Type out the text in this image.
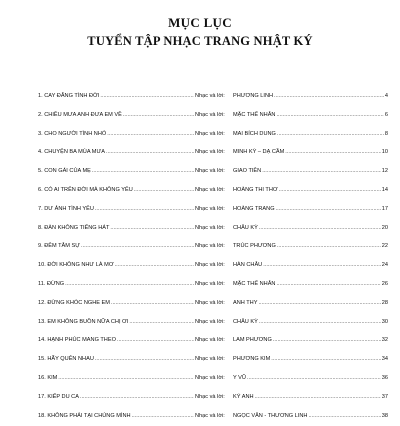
MỤC LỤC
TUYỂN TẬP NHẠC TRANG NHẬT KÝ
1. CAY ĐẮNG TÌNH ĐỜI .....	Nhạc và lời: PHƯƠNG LINH .....	4
2. CHIỀU MƯA ANH ĐƯA EM VỀ .....	Nhạc và lời: MẶC THẾ NHÂN .....	6
3. CHO NGƯỜI TÌNH NHỎ .....	Nhạc và lời: MAI BÍCH DUNG .....	8
4. CHUYỆN BA MÙA MƯA .....	Nhạc và lời: MINH KỲ – DẠ CẦM .....	10
5. CON GÁI CỦA MẸ .....	Nhạc và lời: GIAO TIÊN .....	12
6. CÓ AI TRÊN ĐỜI MÀ KHÔNG YÊU .....	Nhạc và lời: HOÀNG THI THƠ .....	14
7. DƯ ẢNH TÌNH YÊU .....	Nhạc và lời: HOÀNG TRANG .....	17
8. ĐÀN KHÔNG TIẾNG HÁT .....	Nhạc và lời: CHÂU KỲ .....	20
9. ĐÊM TÂM SỰ .....	Nhạc và lời: TRÚC PHƯƠNG .....	22
10. ĐỜI KHÔNG NHƯ LÀ MƠ .....	Nhạc và lời: HÀN CHÂU .....	24
11. ĐỪNG .....	Nhạc và lời: MẶC THẾ NHÂN .....	26
12. ĐỪNG KHÓC NGHE EM .....	Nhạc và lời: ANH THY .....	28
13. EM KHÔNG BUỒN NỮA CHỊ ƠI .....	Nhạc và lời: CHÂU KỲ .....	30
14. HẠNH PHÚC MANG THEO .....	Nhạc và lời: LAM PHƯƠNG .....	32
15. HÃY QUÊN NHAU .....	Nhạc và lời: PHƯƠNG KIM .....	34
16. KIM .....	Nhạc và lời: Y VŨ .....	36
17. KIẾP DU CA .....	Nhạc và lời: KÝ ANH .....	37
18. KHÔNG PHẢI TẠI CHÚNG MÌNH .....	Nhạc và lời: NGỌC VÂN - THƯƠNG LINH .....	38
